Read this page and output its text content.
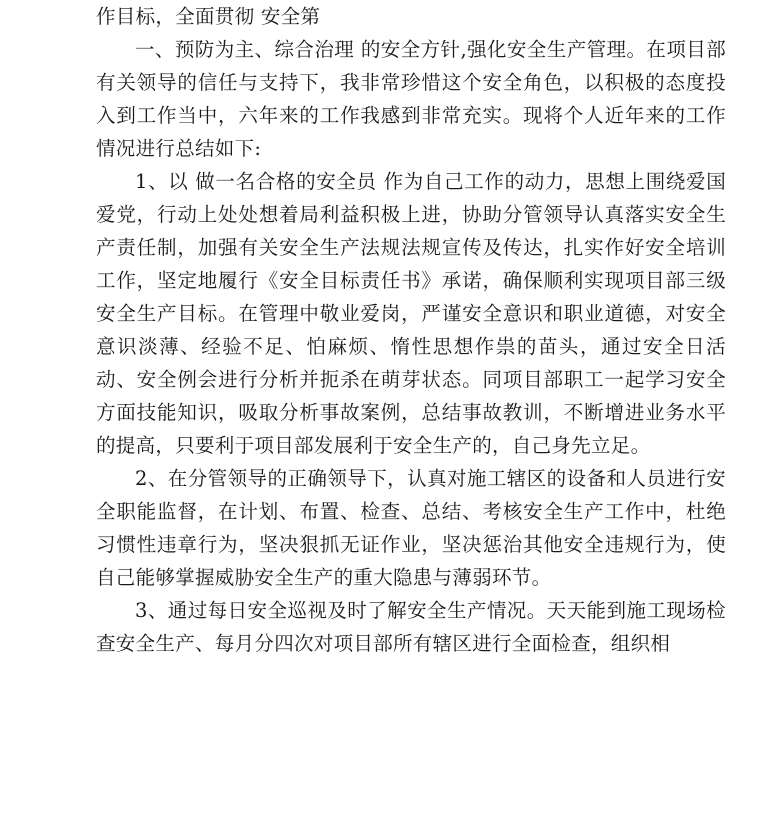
作目标，全面贯彻 安全第

一、预防为主、综合治理 的安全方针,强化安全生产管理。在项目部有关领导的信任与支持下，我非常珍惜这个安全角色，以积极的态度投入到工作当中，六年来的工作我感到非常充实。现将个人近年来的工作情况进行总结如下:

1、以 做一名合格的安全员 作为自己工作的动力，思想上围绕爱国爱党，行动上处处想着局利益积极上进，协助分管领导认真落实安全生产责任制，加强有关安全生产法规法规宣传及传达，扎实作好安全培训工作，坚定地履行《安全目标责任书》承诺，确保顺利实现项目部三级安全生产目标。在管理中敬业爱岗，严谨安全意识和职业道德，对安全意识淡薄、经验不足、怕麻烦、惰性思想作祟的苗头，通过安全日活动、安全例会进行分析并扼杀在萌芽状态。同项目部职工一起学习安全方面技能知识，吸取分析事故案例，总结事故教训，不断增进业务水平的提高，只要利于项目部发展利于安全生产的，自己身先立足。

2、在分管领导的正确领导下，认真对施工辖区的设备和人员进行安全职能监督，在计划、布置、检查、总结、考核安全生产工作中，杜绝习惯性违章行为，坚决狠抓无证作业，坚决惩治其他安全违规行为，使自己能够掌握威胁安全生产的重大隐患与薄弱环节。

3、通过每日安全巡视及时了解安全生产情况。天天能到施工现场检查安全生产、每月分四次对项目部所有辖区进行全面检查，组织相
